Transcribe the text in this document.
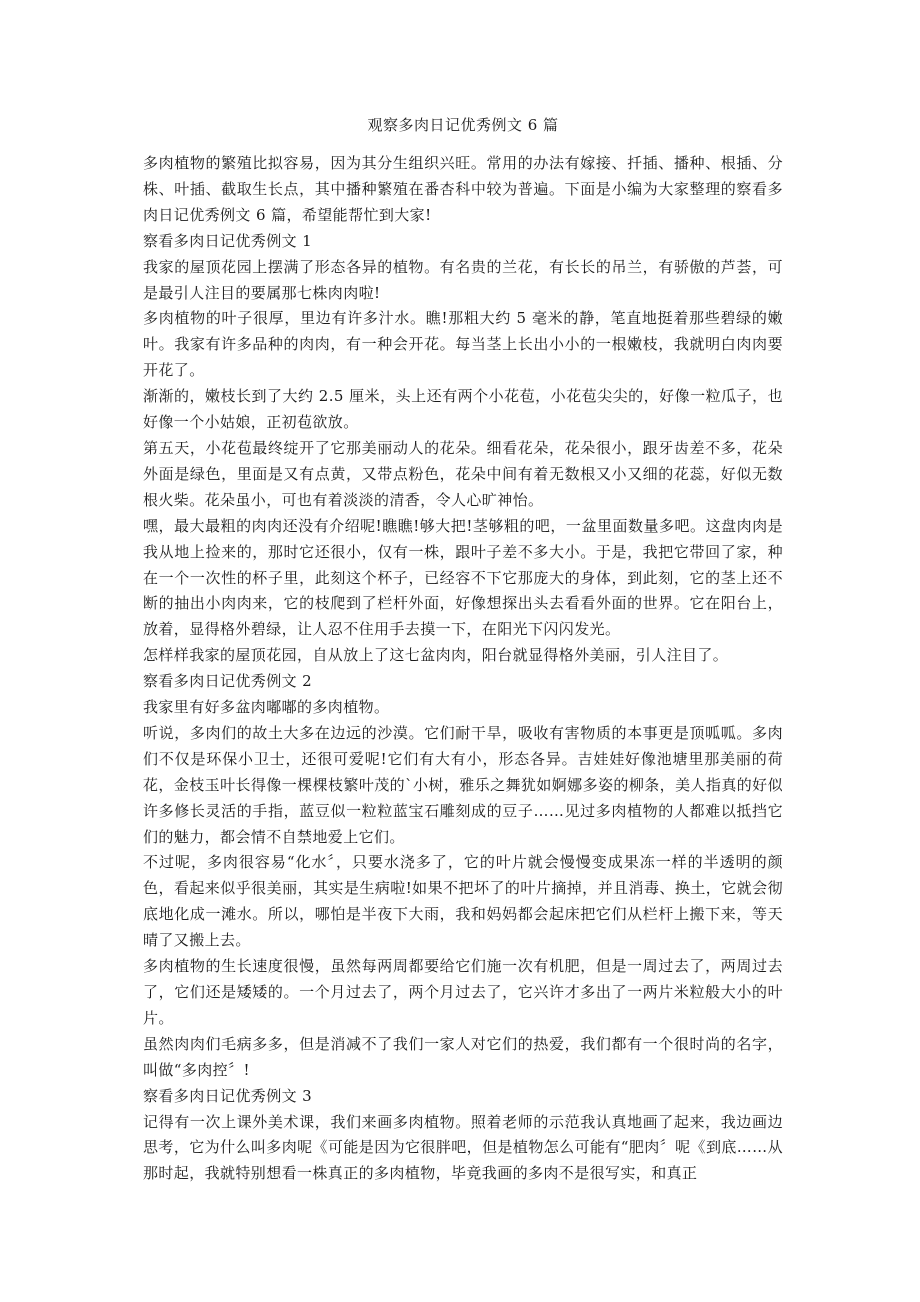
观察多肉日记优秀例文 6 篇

多肉植物的繁殖比拟容易，因为其分生组织兴旺。常用的办法有嫁接、扦插、播种、根插、分株、叶插、截取生长点，其中播种繁殖在番杏科中较为普遍。下面是小编为大家整理的察看多肉日记优秀例文 6 篇，希望能帮忙到大家!

察看多肉日记优秀例文 1

我家的屋顶花园上摆满了形态各异的植物。有名贵的兰花，有长长的吊兰，有骄傲的芦荟，可是最引人注目的要属那七株肉肉啦!

多肉植物的叶子很厚，里边有许多汁水。瞧!那粗大约 5 毫米的静，笔直地挺着那些碧绿的嫩叶。我家有许多品种的肉肉，有一种会开花。每当茎上长出小小的一根嫩枝，我就明白肉肉要开花了。

渐渐的，嫩枝长到了大约 2.5 厘米，头上还有两个小花苞，小花苞尖尖的，好像一粒瓜子，也好像一个小姑娘，正初苞欲放。

第五天，小花苞最终绽开了它那美丽动人的花朵。细看花朵，花朵很小，跟牙齿差不多，花朵外面是绿色，里面是又有点黄，又带点粉色，花朵中间有着无数根又小又细的花蕊，好似无数根火柴。花朵虽小，可也有着淡淡的清香，令人心旷神怡。

嘿，最大最粗的肉肉还没有介绍呢!瞧瞧!够大把!茎够粗的吧，一盆里面数量多吧。这盘肉肉是我从地上捡来的，那时它还很小，仅有一株，跟叶子差不多大小。于是，我把它带回了家，种在一个一次性的杯子里，此刻这个杯子，已经容不下它那庞大的身体，到此刻，它的茎上还不断的抽出小肉肉来，它的枝爬到了栏杆外面，好像想探出头去看看外面的世界。它在阳台上，放着，显得格外碧绿，让人忍不住用手去摸一下，在阳光下闪闪发光。

怎样样我家的屋顶花园，自从放上了这七盆肉肉，阳台就显得格外美丽，引人注目了。

察看多肉日记优秀例文 2

我家里有好多盆肉嘟嘟的多肉植物。

听说，多肉们的故土大多在边远的沙漠。它们耐干旱，吸收有害物质的本事更是顶呱呱。多肉们不仅是环保小卫士，还很可爱呢!它们有大有小，形态各异。吉娃娃好像池塘里那美丽的荷花，金枝玉叶长得像一棵棵枝繁叶茂的`小树，雅乐之舞犹如婀娜多姿的柳条，美人指真的好似许多修长灵活的手指，蓝豆似一粒粒蓝宝石雕刻成的豆子……见过多肉植物的人都难以抵挡它们的魅力，都会情不自禁地爱上它们。

不过呢，多肉很容易“化水〞，只要水浇多了，它的叶片就会慢慢变成果冻一样的半透明的颜色，看起来似乎很美丽，其实是生病啦!如果不把坏了的叶片摘掉，并且消毒、换土，它就会彻底地化成一滩水。所以，哪怕是半夜下大雨，我和妈妈都会起床把它们从栏杆上搬下来，等天晴了又搬上去。

多肉植物的生长速度很慢，虽然每两周都要给它们施一次有机肥，但是一周过去了，两周过去了，它们还是矮矮的。一个月过去了，两个月过去了，它兴许才多出了一两片米粒般大小的叶片。

虽然肉肉们毛病多多，但是消减不了我们一家人对它们的热爱，我们都有一个很时尚的名字，叫做“多肉控〞!

察看多肉日记优秀例文 3

记得有一次上课外美术课，我们来画多肉植物。照着老师的示范我认真地画了起来，我边画边思考，它为什么叫多肉呢《可能是因为它很胖吧，但是植物怎么可能有“肥肉〞呢《到底……从那时起，我就特别想看一株真正的多肉植物，毕竟我画的多肉不是很写实，和真正
